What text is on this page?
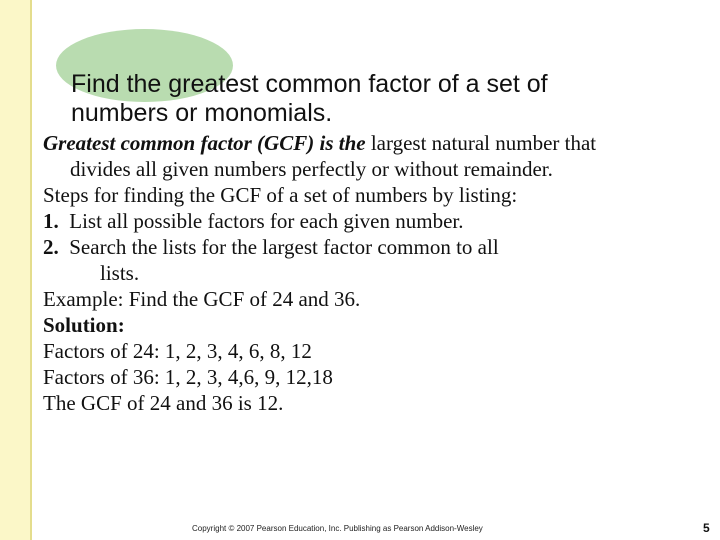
Find the greatest common factor of a set of
numbers or monomials.
Greatest common factor (GCF) is the largest natural number that
divides all given numbers perfectly or without remainder.
Steps for finding the GCF of a set of numbers by listing:
1. List all possible factors for each given number.
2. Search the lists for the largest factor common to all
lists.
Example: Find the GCF of 24 and 36.
Solution:
Factors of 24: 1, 2, 3, 4, 6, 8, 12
Factors of 36: 1, 2, 3, 4,6, 9, 12,18
The GCF of 24 and 36 is 12.
Copyright © 2007 Pearson Education, Inc. Publishing as Pearson Addison-Wesley	5
